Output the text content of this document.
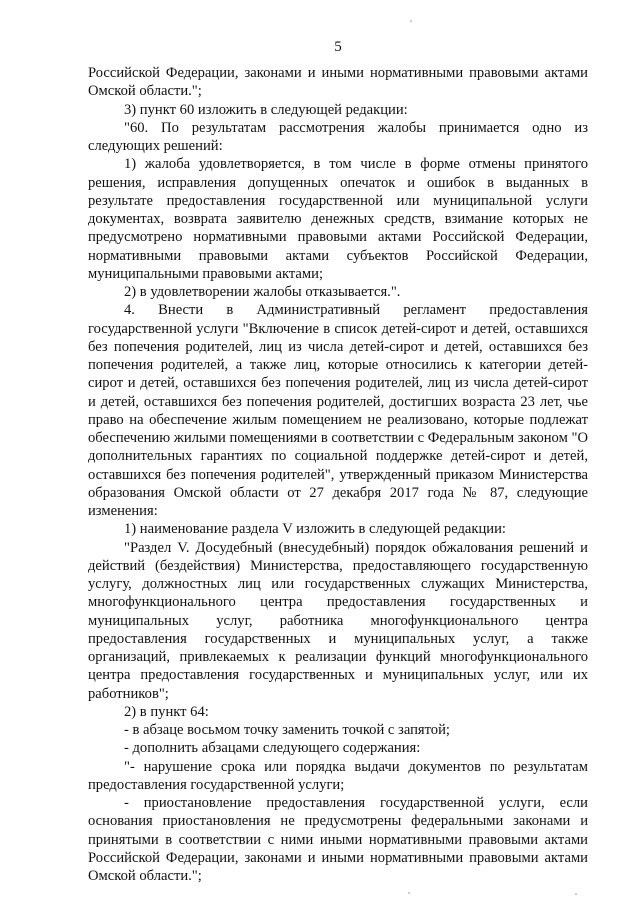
5

Российской Федерации, законами и иными нормативными правовыми актами Омской области.";

3) пункт 60 изложить в следующей редакции:

"60. По результатам рассмотрения жалобы принимается одно из следующих решений:

1) жалоба удовлетворяется, в том числе в форме отмены принятого решения, исправления допущенных опечаток и ошибок в выданных в результате предоставления государственной или муниципальной услуги документах, возврата заявителю денежных средств, взимание которых не предусмотрено нормативными правовыми актами Российской Федерации, нормативными правовыми актами субъектов Российской Федерации, муниципальными правовыми актами;

2) в удовлетворении жалобы отказывается.".

4. Внести в Административный регламент предоставления государственной услуги "Включение в список детей-сирот и детей, оставшихся без попечения родителей, лиц из числа детей-сирот и детей, оставшихся без попечения родителей, а также лиц, которые относились к категории детей-сирот и детей, оставшихся без попечения родителей, лиц из числа детей-сирот и детей, оставшихся без попечения родителей, достигших возраста 23 лет, чье право на обеспечение жилым помещением не реализовано, которые подлежат обеспечению жилыми помещениями в соответствии с Федеральным законом "О дополнительных гарантиях по социальной поддержке детей-сирот и детей, оставшихся без попечения родителей", утвержденный приказом Министерства образования Омской области от 27 декабря 2017 года № 87, следующие изменения:

1) наименование раздела V изложить в следующей редакции:

"Раздел V. Досудебный (внесудебный) порядок обжалования решений и действий (бездействия) Министерства, предоставляющего государственную услугу, должностных лиц или государственных служащих Министерства, многофункционального центра предоставления государственных и муниципальных услуг, работника многофункционального центра предоставления государственных и муниципальных услуг, а также организаций, привлекаемых к реализации функций многофункционального центра предоставления государственных и муниципальных услуг, или их работников";

2) в пункт 64:

- в абзаце восьмом точку заменить точкой с запятой;

- дополнить абзацами следующего содержания:

"- нарушение срока или порядка выдачи документов по результатам предоставления государственной услуги;

- приостановление предоставления государственной услуги, если основания приостановления не предусмотрены федеральными законами и принятыми в соответствии с ними иными нормативными правовыми актами Российской Федерации, законами и иными нормативными правовыми актами Омской области.";
